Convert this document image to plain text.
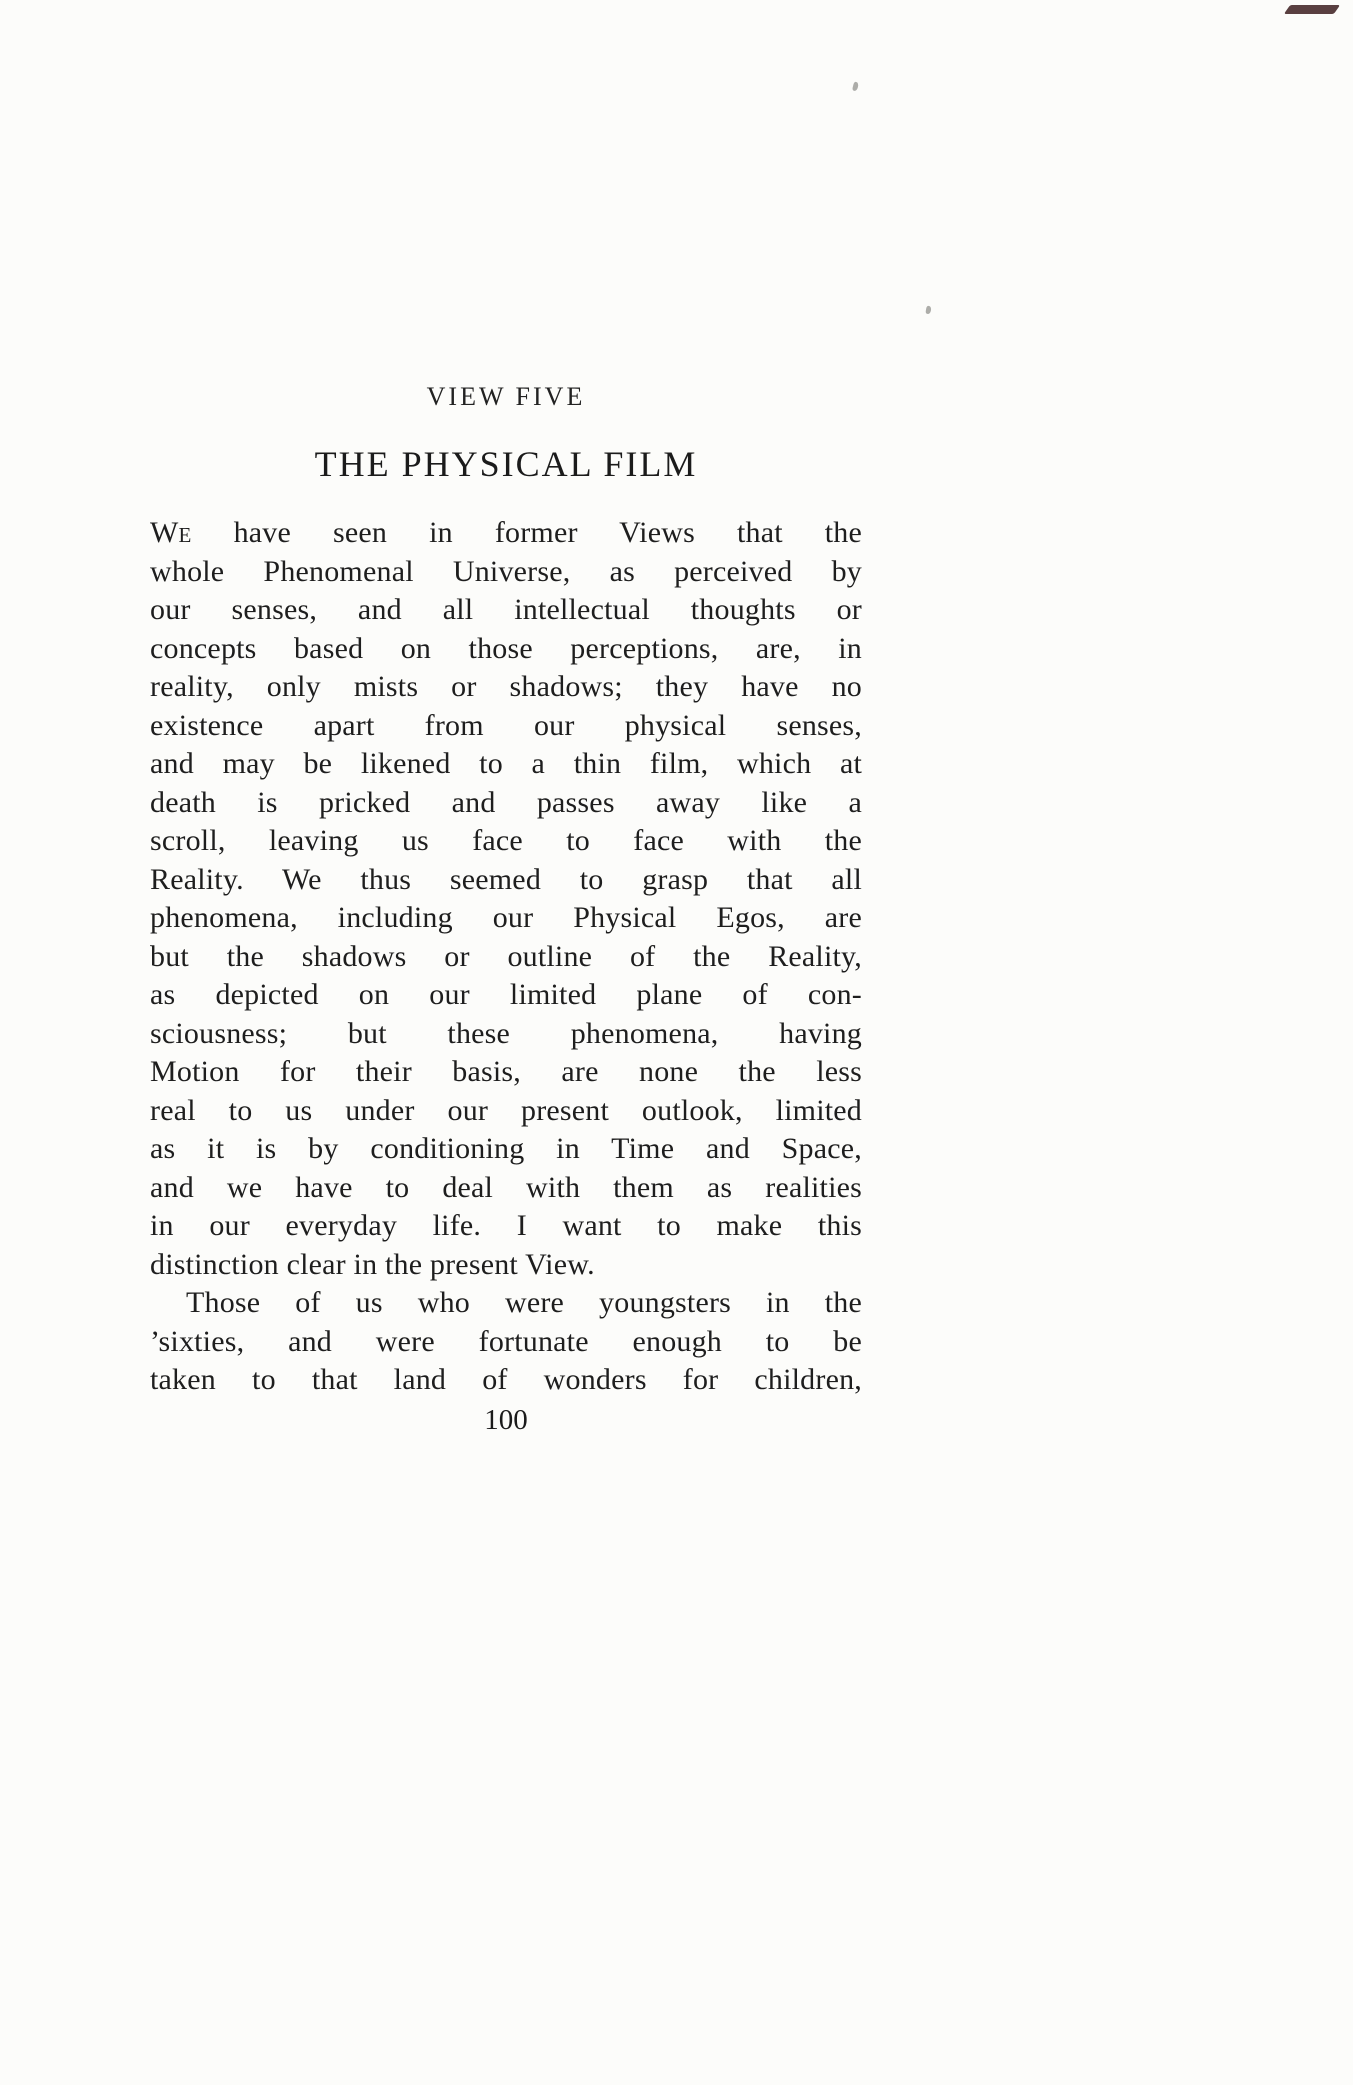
VIEW FIVE
THE PHYSICAL FILM
We have seen in former Views that the
whole Phenomenal Universe, as perceived by
our senses, and all intellectual thoughts or
concepts based on those perceptions, are, in
reality, only mists or shadows; they have no
existence apart from our physical senses,
and may be likened to a thin film, which at
death is pricked and passes away like a
scroll, leaving us face to face with the
Reality. We thus seemed to grasp that all
phenomena, including our Physical Egos, are
but the shadows or outline of the Reality,
as depicted on our limited plane of con-
sciousness; but these phenomena, having
Motion for their basis, are none the less
real to us under our present outlook, limited
as it is by conditioning in Time and Space,
and we have to deal with them as realities
in our everyday life. I want to make this
distinction clear in the present View.
Those of us who were youngsters in the
’sixties, and were fortunate enough to be
taken to that land of wonders for children,
100
